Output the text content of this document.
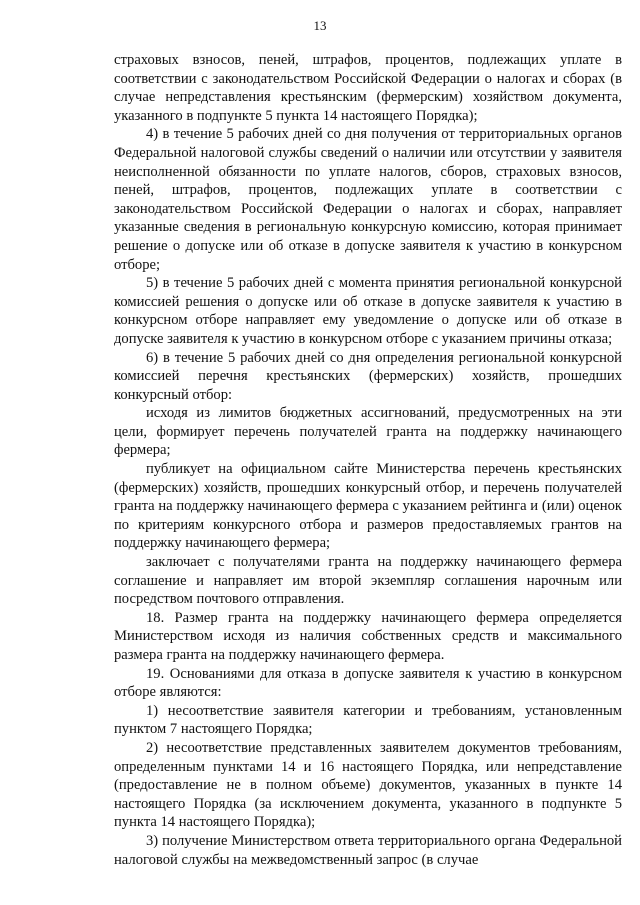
13

страховых взносов, пеней, штрафов, процентов, подлежащих уплате в соответствии с законодательством Российской Федерации о налогах и сборах (в случае непредставления крестьянским (фермерским) хозяйством документа, указанного в подпункте 5 пункта 14 настоящего Порядка);

4) в течение 5 рабочих дней со дня получения от территориальных органов Федеральной налоговой службы сведений о наличии или отсутствии у заявителя неисполненной обязанности по уплате налогов, сборов, страховых взносов, пеней, штрафов, процентов, подлежащих уплате в соответствии с законодательством Российской Федерации о налогах и сборах, направляет указанные сведения в региональную конкурсную комиссию, которая принимает решение о допуске или об отказе в допуске заявителя к участию в конкурсном отборе;

5) в течение 5 рабочих дней с момента принятия региональной конкурсной комиссией решения о допуске или об отказе в допуске заявителя к участию в конкурсном отборе направляет ему уведомление о допуске или об отказе в допуске заявителя к участию в конкурсном отборе с указанием причины отказа;

6) в течение 5 рабочих дней со дня определения региональной конкурсной комиссией перечня крестьянских (фермерских) хозяйств, прошедших конкурсный отбор:

исходя из лимитов бюджетных ассигнований, предусмотренных на эти цели, формирует перечень получателей гранта на поддержку начинающего фермера;

публикует на официальном сайте Министерства перечень крестьянских (фермерских) хозяйств, прошедших конкурсный отбор, и перечень получателей гранта на поддержку начинающего фермера с указанием рейтинга и (или) оценок по критериям конкурсного отбора и размеров предоставляемых грантов на поддержку начинающего фермера;

заключает с получателями гранта на поддержку начинающего фермера соглашение и направляет им второй экземпляр соглашения нарочным или посредством почтового отправления.

18. Размер гранта на поддержку начинающего фермера определяется Министерством исходя из наличия собственных средств и максимального размера гранта на поддержку начинающего фермера.

19. Основаниями для отказа в допуске заявителя к участию в конкурсном отборе являются:

1) несоответствие заявителя категории и требованиям, установленным пунктом 7 настоящего Порядка;

2) несоответствие представленных заявителем документов требованиям, определенным пунктами 14 и 16 настоящего Порядка, или непредставление (предоставление не в полном объеме) документов, указанных в пункте 14 настоящего Порядка (за исключением документа, указанного в подпункте 5 пункта 14 настоящего Порядка);

3) получение Министерством ответа территориального органа Федеральной налоговой службы на межведомственный запрос (в случае
